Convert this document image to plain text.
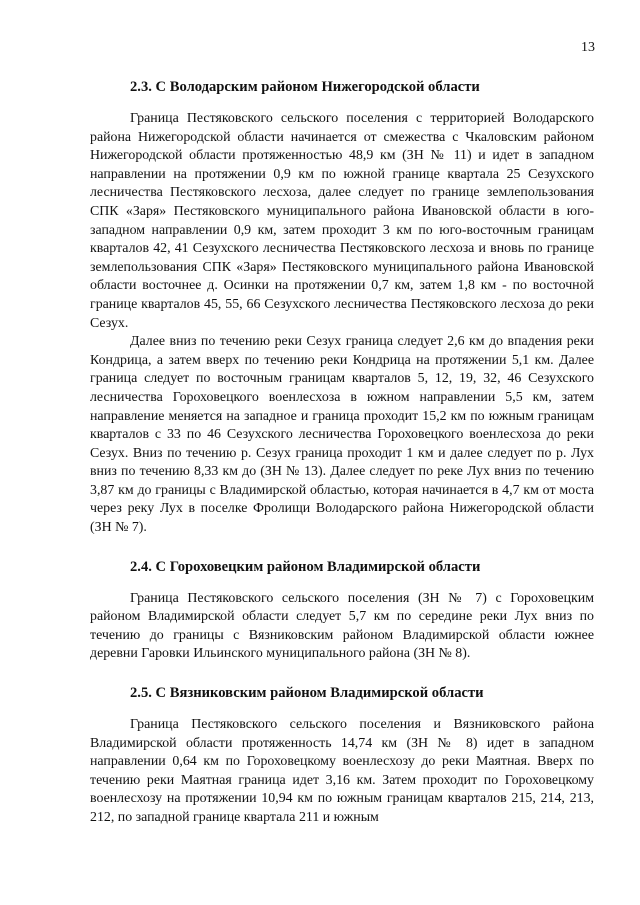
13
2.3. С Володарским районом Нижегородской области

Граница Пестяковского сельского поселения с территорией Володарского района Нижегородской области начинается от смежества с Чкаловским районом Нижегородской области протяженностью 48,9 км (ЗН № 11) и идет в западном направлении на протяжении 0,9 км по южной границе квартала 25 Сезухского лесничества Пестяковского лесхоза, далее следует по границе землепользования СПК «Заря» Пестяковского муниципального района Ивановской области в юго-западном направлении 0,9 км, затем проходит 3 км по юго-восточным границам кварталов 42, 41 Сезухского лесничества Пестяковского лесхоза и вновь по границе землепользования СПК «Заря» Пестяковского муниципального района Ивановской области восточнее д. Осинки на протяжении 0,7 км, затем 1,8 км - по восточной границе кварталов 45, 55, 66 Сезухского лесничества Пестяковского лесхоза до реки Сезух.

Далее вниз по течению реки Сезух граница следует 2,6 км до впадения реки Кондрица, а затем вверх по течению реки Кондрица на протяжении 5,1 км. Далее граница следует по восточным границам кварталов 5, 12, 19, 32, 46 Сезухского лесничества Гороховецкого военлесхоза в южном направлении 5,5 км, затем направление меняется на западное и граница проходит 15,2 км по южным границам кварталов с 33 по 46 Сезухского лесничества Гороховецкого военлесхоза до реки Сезух. Вниз по течению р. Сезух граница проходит 1 км и далее следует по р. Лух вниз по течению 8,33 км до (ЗН № 13). Далее следует по реке Лух вниз по течению 3,87 км до границы с Владимирской областью, которая начинается в 4,7 км от моста через реку Лух в поселке Фролищи Володарского района Нижегородской области (ЗН № 7).

2.4. С Гороховецким районом Владимирской области

Граница Пестяковского сельского поселения (ЗН № 7) с Гороховецким районом Владимирской области следует 5,7 км по середине реки Лух вниз по течению до границы с Вязниковским районом Владимирской области южнее деревни Гаровки Ильинского муниципального района (ЗН № 8).

2.5. С Вязниковским районом Владимирской области

Граница Пестяковского сельского поселения и Вязниковского района Владимирской области протяженность 14,74 км (ЗН № 8) идет в западном направлении 0,64 км по Гороховецкому военлесхозу до реки Маятная. Вверх по течению реки Маятная граница идет 3,16 км. Затем проходит по Гороховецкому военлесхозу на протяжении 10,94 км по южным границам кварталов 215, 214, 213, 212, по западной границе квартала 211 и южным
